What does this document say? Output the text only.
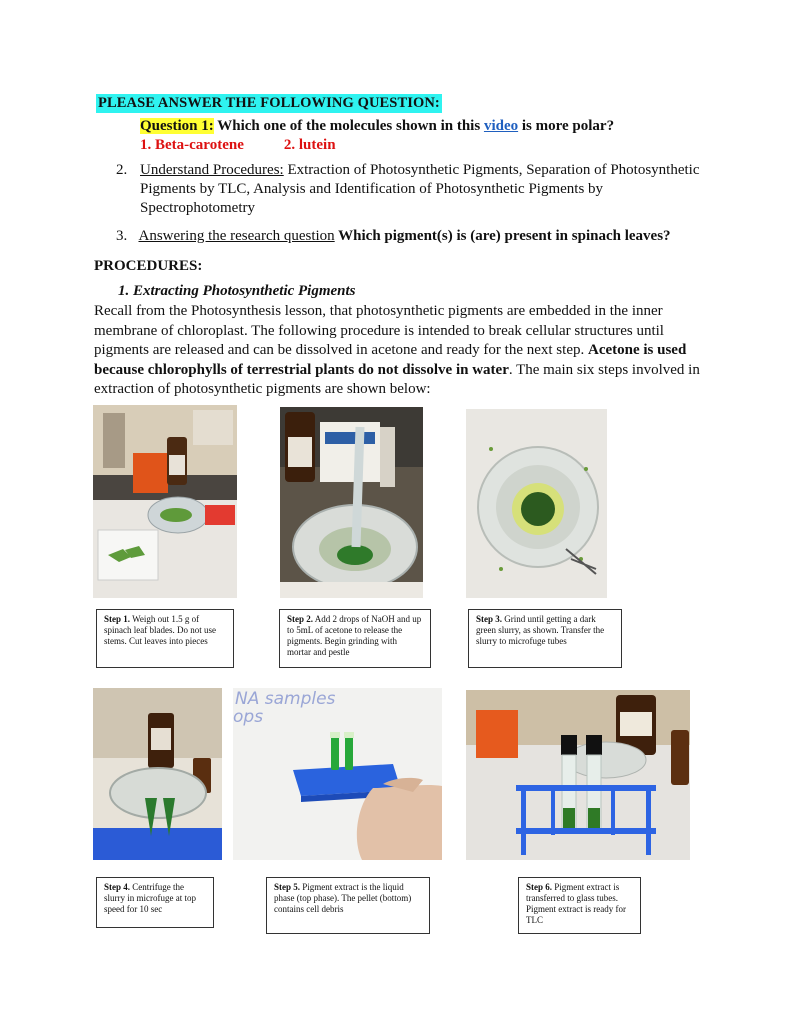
PLEASE ANSWER THE FOLLOWING QUESTION:
Question 1: Which one of the molecules shown in this video is more polar?
1. Beta-carotene	2. lutein
2. Understand Procedures: Extraction of Photosynthetic Pigments, Separation of Photosynthetic Pigments by TLC, Analysis and Identification of Photosynthetic Pigments by Spectrophotometry
3. Answering the research question Which pigment(s) is (are) present in spinach leaves?
PROCEDURES:
1. Extracting Photosynthetic Pigments
Recall from the Photosynthesis lesson, that photosynthetic pigments are embedded in the inner membrane of chloroplast. The following procedure is intended to break cellular structures until pigments are released and can be dissolved in acetone and ready for the next step. Acetone is used because chlorophylls of terrestrial plants do not dissolve in water. The main six steps involved in extraction of photosynthetic pigments are shown below:
Step 1. Weigh out 1.5 g of spinach leaf blades. Do not use stems. Cut leaves into pieces
Step 2. Add 2 drops of NaOH and up to 5mL of acetone to release the pigments. Begin grinding with mortar and pestle
Step 3. Grind until getting a dark green slurry, as shown. Transfer the slurry to microfuge tubes
NA samples
ops
Step 4. Centrifuge the slurry in microfuge at top speed for 10 sec
Step 5. Pigment extract is the liquid phase (top phase). The pellet (bottom) contains cell debris
Step 6. Pigment extract is transferred to glass tubes. Pigment extract is ready for TLC
